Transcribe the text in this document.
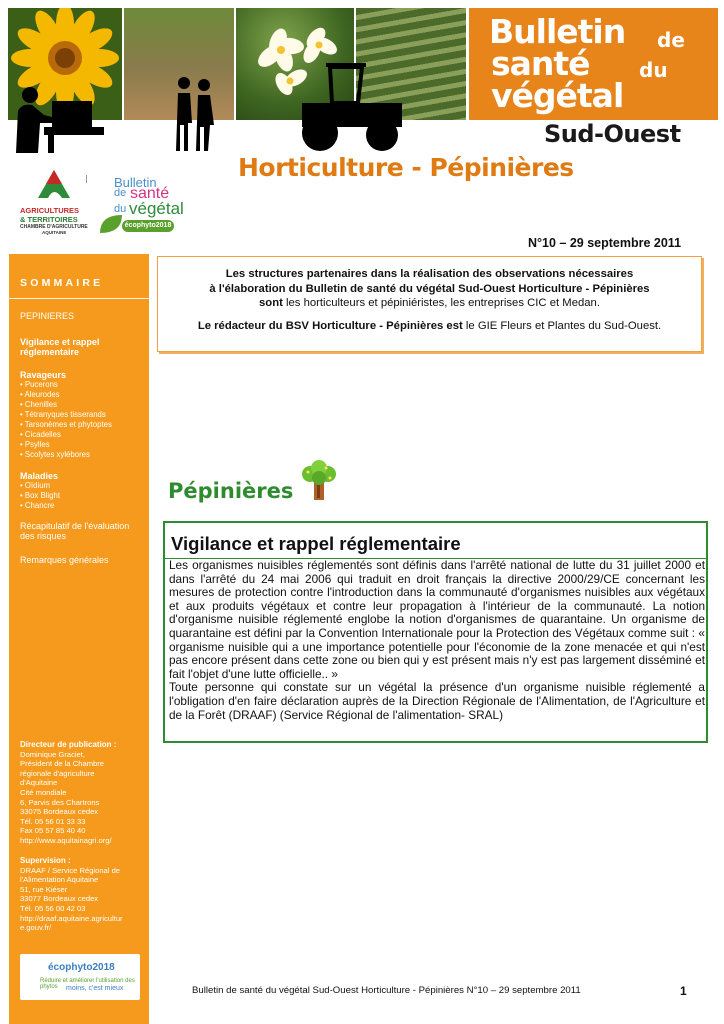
Bulletin de
santé du
végétal
Sud-Ouest
Horticulture - Pépinières
AGRICULTURES
& TERRITOIRES
CHAMBRE D'AGRICULTURE
AQUITAINE
Bulletin
de santé
du végétal
écophyto2018
N°10 – 29 septembre 2011
SOMMAIRE
PEPINIERES
Vigilance et rappel
réglementaire
Ravageurs
• Pucerons
• Aleurodes
• Chenilles
• Tétranyques tisserands
• Tarsonèmes et phytoptes
• Cicadelles
• Psylles
• Scolytes xylébores
Maladies
• Oïdium
• Box Blight
• Chancre
Récapitulatif de l'évaluation
des risques
Remarques générales
Directeur de publication :
Dominique Graciet,
Président de la Chambre
régionale d'agriculture
d'Aquitaine
Cité mondiale
6, Parvis des Chartrons
33075 Bordeaux cedex
Tél. 05 56 01 33 33
Fax 05 57 85 40 40
http://www.aquitainagri.org/
Supervision :
DRAAF / Service Régional de
l'Alimentation Aquitaine
51, rue Kiéser
33077 Bordeaux cedex
Tél. 05 56 00 42 03
http://draaf.aquitaine.agricultur
e.gouv.fr/
écophyto2018
Réduire et améliorer l'utilisation des phytos	moins, c'est mieux
Les structures partenaires dans la réalisation des observations nécessaires
à l'élaboration du Bulletin de santé du végétal Sud-Ouest Horticulture - Pépinières
sont les horticulteurs et pépiniéristes, les entreprises CIC et Medan.
Le rédacteur du BSV Horticulture - Pépinières est le GIE Fleurs et Plantes du Sud-Ouest.
Pépinières
Vigilance et rappel réglementaire
Les organismes nuisibles réglementés sont définis dans l'arrêté national de lutte du 31 juillet 2000 et dans l'arrêté du 24 mai 2006 qui traduit en droit français la directive 2000/29/CE concernant les mesures de protection contre l'introduction dans la communauté d'organismes nuisibles aux végétaux et aux produits végétaux et contre leur propagation à l'intérieur de la communauté. La notion d'organisme nuisible réglementé englobe la notion d'organismes de quarantaine. Un organisme de quarantaine est défini par la Convention Internationale pour la Protection des Végétaux comme suit : « organisme nuisible qui a une importance potentielle pour l'économie de la zone menacée et qui n'est pas encore présent dans cette zone ou bien qui y est présent mais n'y est pas largement disséminé et fait l'objet d'une lutte officielle.. »
Toute personne qui constate sur un végétal la présence d'un organisme nuisible réglementé a l'obligation d'en faire déclaration auprès de la Direction Régionale de l'Alimentation, de l'Agriculture et de la Forêt (DRAAF) (Service Régional de l'alimentation- SRAL)
Bulletin de santé du végétal Sud-Ouest Horticulture - Pépinières N°10 – 29 septembre 2011	1
